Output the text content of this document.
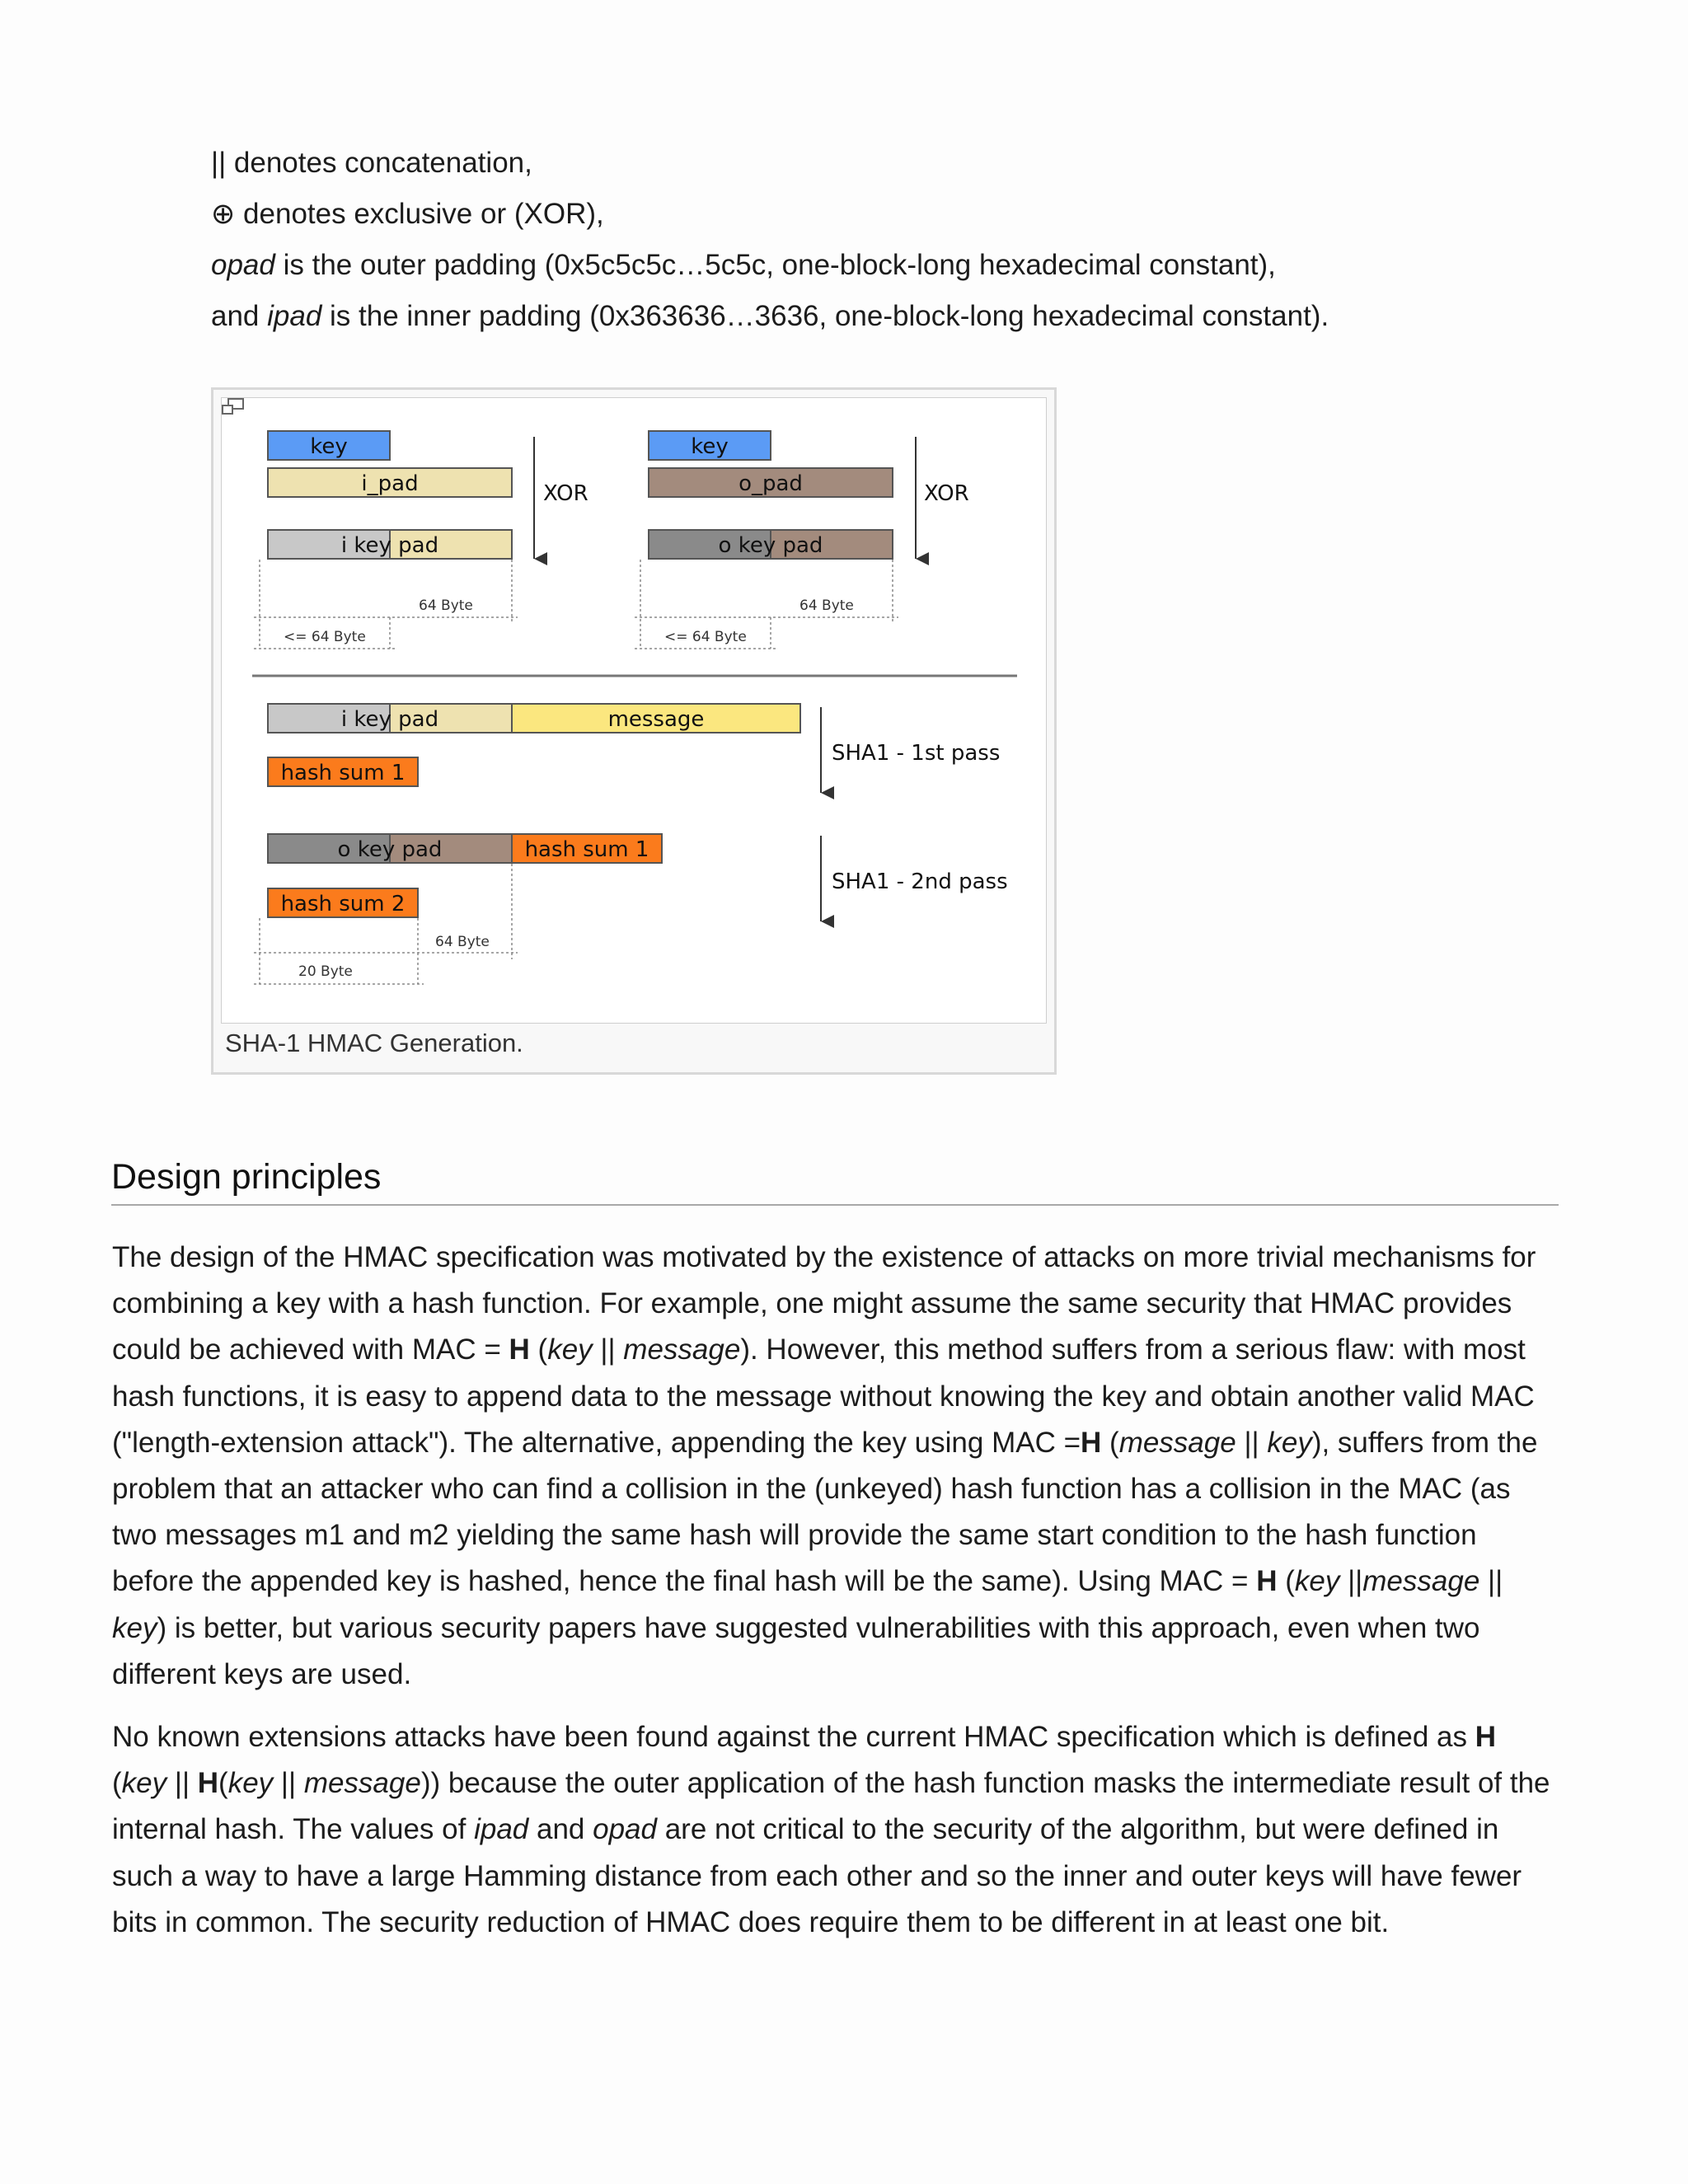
|| denotes concatenation,

⊕ denotes exclusive or (XOR),

opad is the outer padding (0x5c5c5c…5c5c, one-block-long hexadecimal constant),

and ipad is the inner padding (0x363636…3636, one-block-long hexadecimal constant).

key
i_pad
i key pad
XOR
64 Byte
<= 64 Byte
key
o_pad
o key pad
XOR
64 Byte
<= 64 Byte
i key pad	message
hash sum 1
SHA1 - 1st pass
o key pad	hash sum 1
hash sum 2
SHA1 - 2nd pass
64 Byte
20 Byte
SHA-1 HMAC Generation.
Design principles

The design of the HMAC specification was motivated by the existence of attacks on more trivial mechanisms for combining a key with a hash function. For example, one might assume the same security that HMAC provides could be achieved with MAC = H (key || message). However, this method suffers from a serious flaw: with most hash functions, it is easy to append data to the message without knowing the key and obtain another valid MAC ("length-extension attack"). The alternative, appending the key using MAC =H (message || key), suffers from the problem that an attacker who can find a collision in the (unkeyed) hash function has a collision in the MAC (as two messages m1 and m2 yielding the same hash will provide the same start condition to the hash function before the appended key is hashed, hence the final hash will be the same). Using MAC = H (key ||message || key) is better, but various security papers have suggested vulnerabilities with this approach, even when two different keys are used.

No known extensions attacks have been found against the current HMAC specification which is defined as H (key || H(key || message)) because the outer application of the hash function masks the intermediate result of the internal hash. The values of ipad and opad are not critical to the security of the algorithm, but were defined in such a way to have a large Hamming distance from each other and so the inner and outer keys will have fewer bits in common. The security reduction of HMAC does require them to be different in at least one bit.
